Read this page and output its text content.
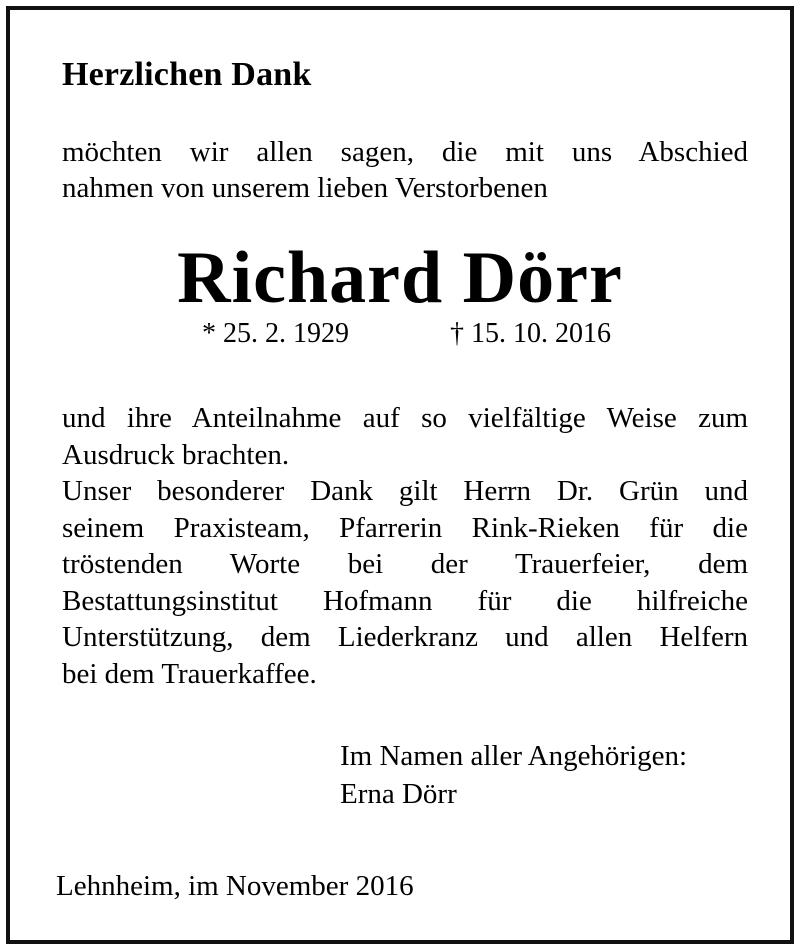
Herzlichen Dank
möchten wir allen sagen, die mit uns Abschied
nahmen von unserem lieben Verstorbenen
Richard Dörr
* 25. 2. 1929	† 15. 10. 2016
und ihre Anteilnahme auf so vielfältige Weise zum
Ausdruck brachten.
Unser besonderer Dank gilt Herrn Dr. Grün und
seinem Praxisteam, Pfarrerin Rink-Rieken für die
tröstenden Worte bei der Trauerfeier, dem
Bestattungsinstitut Hofmann für die hilfreiche
Unterstützung, dem Liederkranz und allen Helfern
bei dem Trauerkaffee.
Im Namen aller Angehörigen:
Erna Dörr
Lehnheim, im November 2016
